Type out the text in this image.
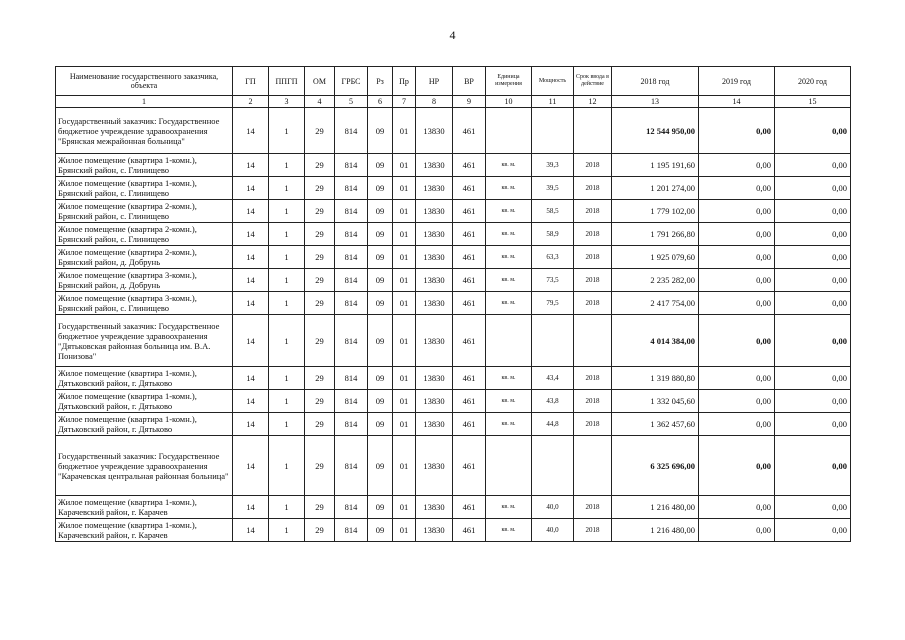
4
Наименование государственного заказчика, объекта	ГП	ППГП	ОМ	ГРБС	Рз	Пр	НР	ВР	Единица измерения	Мощность	Срок ввода в действие	2018 год	2019 год	2020 год
1	2	3	4	5	6	7	8	9	10	11	12	13	14	15
Государственный заказчик: Государственное бюджетное учреждение здравоохранения "Брянская межрайонная больница"	14	1	29	814	09	01	13830	461				12 544 950,00	0,00	0,00
Жилое помещение (квартира 1-комн.), Брянский район, с. Глинищево	14	1	29	814	09	01	13830	461	кв. м.	39,3	2018	1 195 191,60	0,00	0,00
Жилое помещение (квартира 1-комн.), Брянский район, с. Глинищево	14	1	29	814	09	01	13830	461	кв. м.	39,5	2018	1 201 274,00	0,00	0,00
Жилое помещение (квартира 2-комн.), Брянский район, с. Глинищево	14	1	29	814	09	01	13830	461	кв. м.	58,5	2018	1 779 102,00	0,00	0,00
Жилое помещение (квартира 2-комн.), Брянский район, с. Глинищево	14	1	29	814	09	01	13830	461	кв. м.	58,9	2018	1 791 266,80	0,00	0,00
Жилое помещение (квартира 2-комн.), Брянский район, д. Добрунь	14	1	29	814	09	01	13830	461	кв. м.	63,3	2018	1 925 079,60	0,00	0,00
Жилое помещение (квартира 3-комн.), Брянский район, д. Добрунь	14	1	29	814	09	01	13830	461	кв. м.	73,5	2018	2 235 282,00	0,00	0,00
Жилое помещение (квартира 3-комн.), Брянский район, с. Глинищево	14	1	29	814	09	01	13830	461	кв. м.	79,5	2018	2 417 754,00	0,00	0,00
Государственный заказчик: Государственное бюджетное учреждение здравоохранения "Дятьковская районная больница им. В.А. Понизова"	14	1	29	814	09	01	13830	461				4 014 384,00	0,00	0,00
Жилое помещение (квартира 1-комн.), Дятьковский район, г. Дятьково	14	1	29	814	09	01	13830	461	кв. м.	43,4	2018	1 319 880,80	0,00	0,00
Жилое помещение (квартира 1-комн.), Дятьковский район, г. Дятьково	14	1	29	814	09	01	13830	461	кв. м.	43,8	2018	1 332 045,60	0,00	0,00
Жилое помещение (квартира 1-комн.), Дятьковский район, г. Дятьково	14	1	29	814	09	01	13830	461	кв. м.	44,8	2018	1 362 457,60	0,00	0,00
Государственный заказчик: Государственное бюджетное учреждение здравоохранения "Карачевская центральная районная больница"	14	1	29	814	09	01	13830	461				6 325 696,00	0,00	0,00
Жилое помещение (квартира 1-комн.), Карачевский район, г. Карачев	14	1	29	814	09	01	13830	461	кв. м.	40,0	2018	1 216 480,00	0,00	0,00
Жилое помещение (квартира 1-комн.), Карачевский район, г. Карачев	14	1	29	814	09	01	13830	461	кв. м.	40,0	2018	1 216 480,00	0,00	0,00
